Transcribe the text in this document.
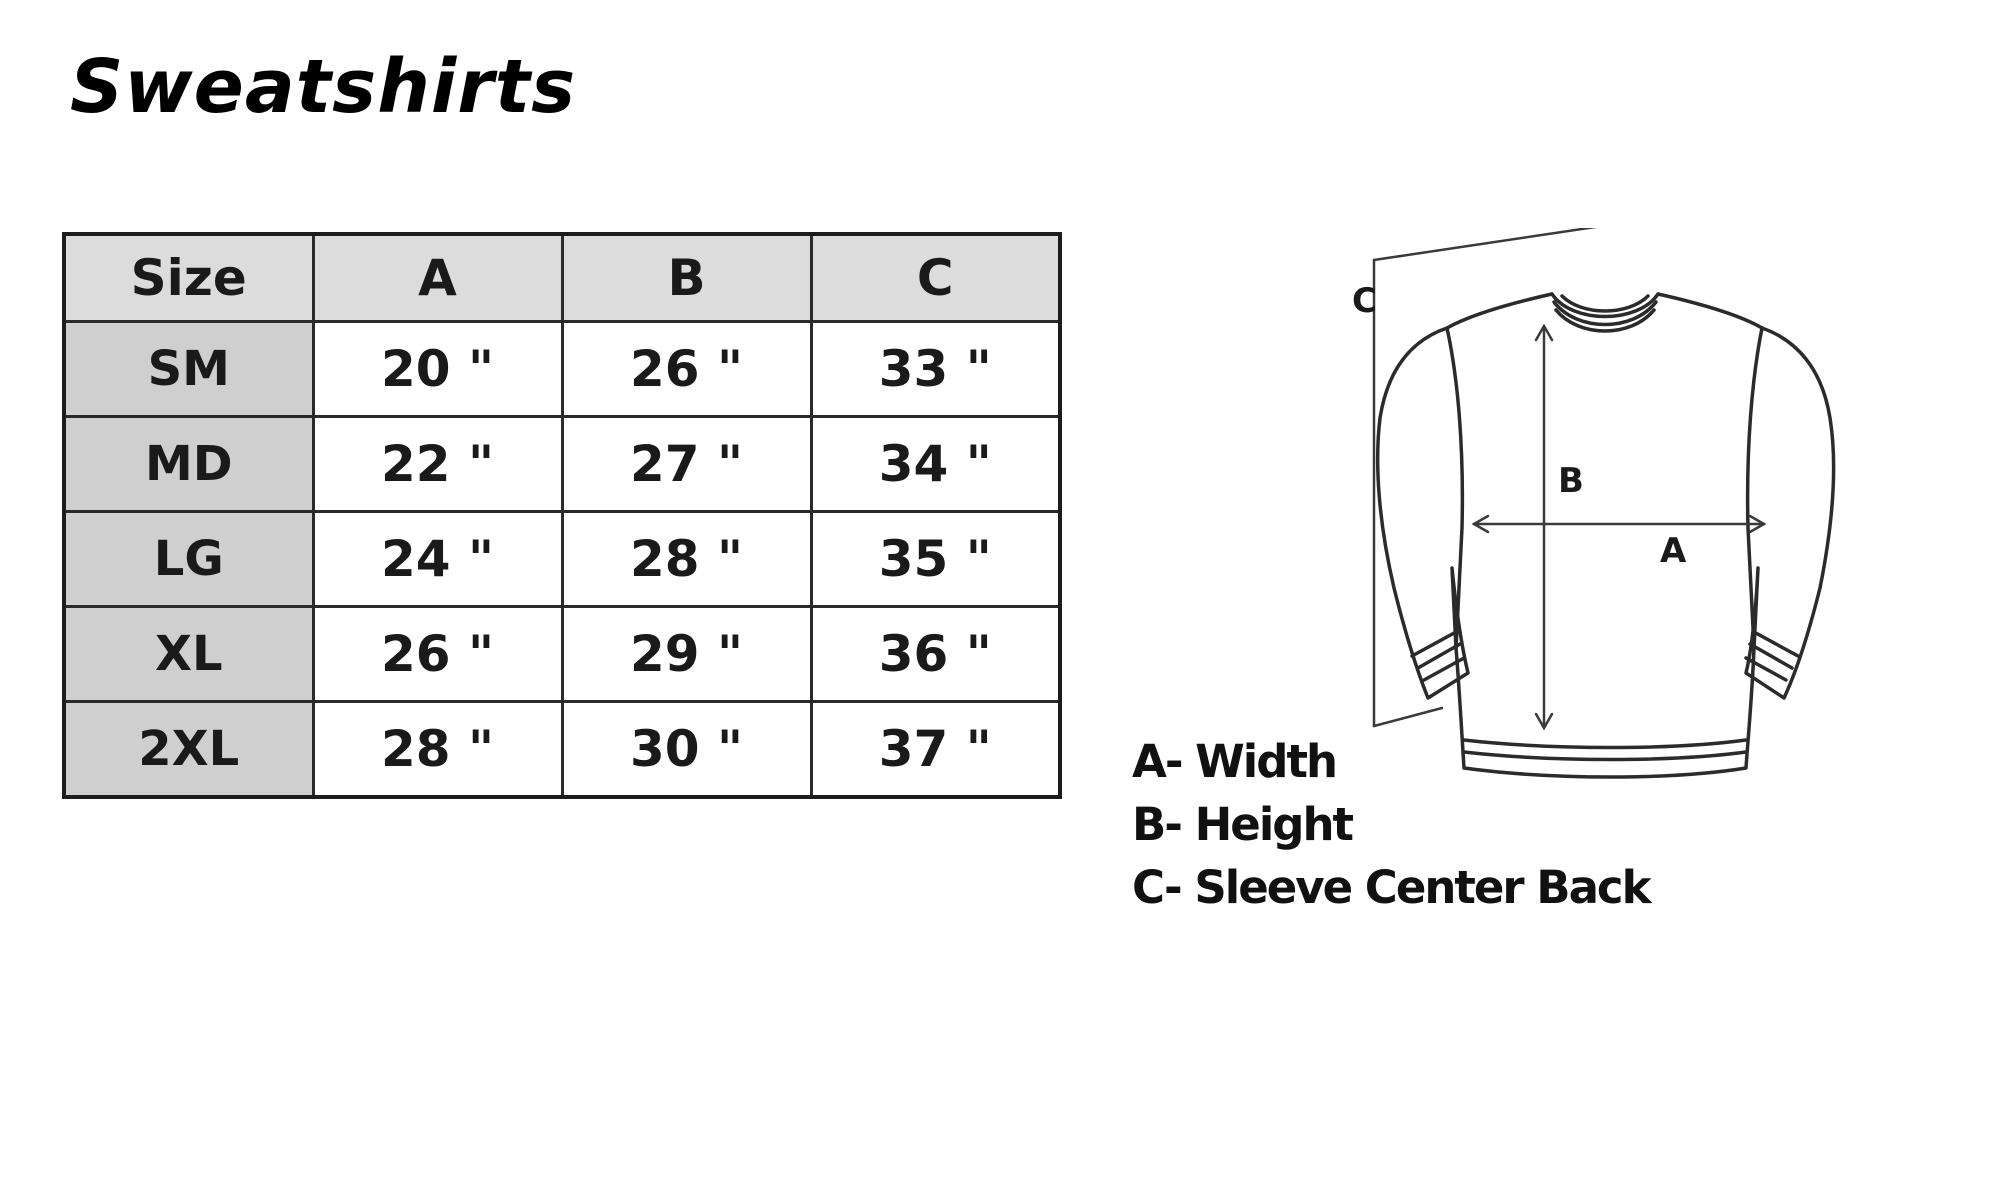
Sweatshirts
Size	A	B	C
SM	20 "	26 "	33 "
MD	22 "	27 "	34 "
LG	24 "	28 "	35 "
XL	26 "	29 "	36 "
2XL	28 "	30 "	37 "
C
B
A
A- Width
B- Height
C- Sleeve Center Back
